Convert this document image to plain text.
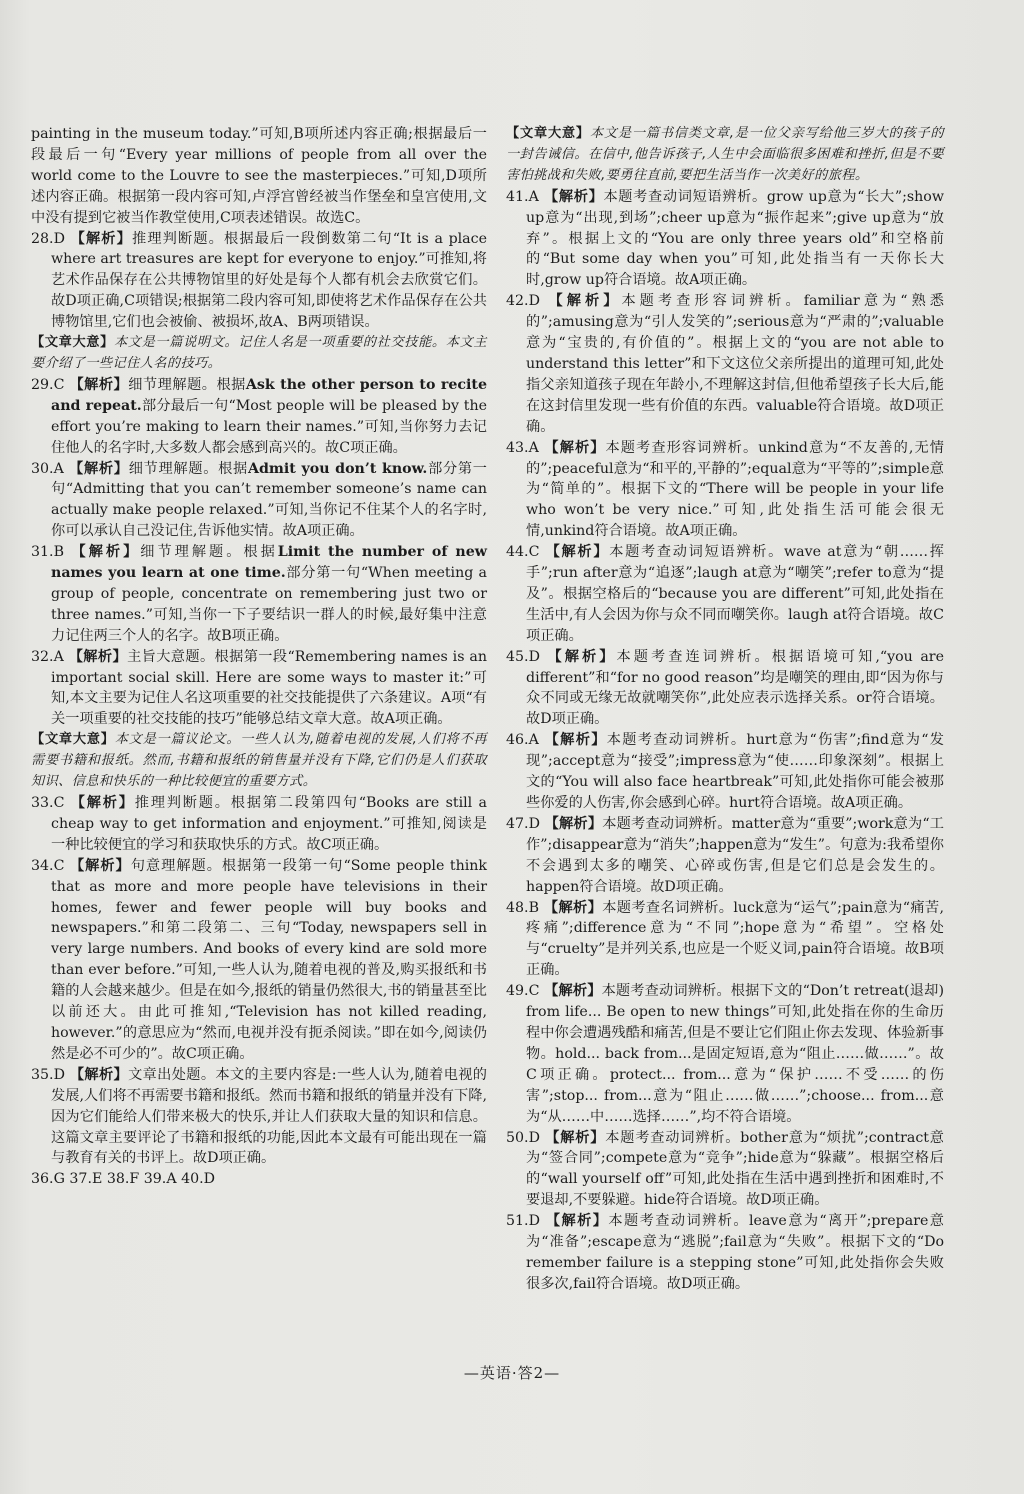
painting in the museum today.”可知,B项所述内容正确;根据最后一段最后一句“Every year millions of people from all over the world come to the Louvre to see the masterpieces.”可知,D项所述内容正确。根据第一段内容可知,卢浮宫曾经被当作堡垒和皇宫使用,文中没有提到它被当作教堂使用,C项表述错误。故选C。

28.D 【解析】推理判断题。根据最后一段倒数第二句“It is a place where art treasures are kept for everyone to enjoy.”可推知,将艺术作品保存在公共博物馆里的好处是每个人都有机会去欣赏它们。故D项正确,C项错误;根据第二段内容可知,即使将艺术作品保存在公共博物馆里,它们也会被偷、被损坏,故A、B两项错误。

【文章大意】本文是一篇说明文。记住人名是一项重要的社交技能。本文主要介绍了一些记住人名的技巧。

29.C 【解析】细节理解题。根据Ask the other person to recite and repeat.部分最后一句“Most people will be pleased by the effort you’re making to learn their names.”可知,当你努力去记住他人的名字时,大多数人都会感到高兴的。故C项正确。

30.A 【解析】细节理解题。根据Admit you don’t know.部分第一句“Admitting that you can’t remember someone’s name can actually make people relaxed.”可知,当你记不住某个人的名字时,你可以承认自己没记住,告诉他实情。故A项正确。

31.B 【解析】细节理解题。根据Limit the number of new names you learn at one time.部分第一句“When meeting a group of people, concentrate on remembering just two or three names.”可知,当你一下子要结识一群人的时候,最好集中注意力记住两三个人的名字。故B项正确。

32.A 【解析】主旨大意题。根据第一段“Remembering names is an important social skill. Here are some ways to master it:”可知,本文主要为记住人名这项重要的社交技能提供了六条建议。A项“有关一项重要的社交技能的技巧”能够总结文章大意。故A项正确。

【文章大意】本文是一篇议论文。一些人认为,随着电视的发展,人们将不再需要书籍和报纸。然而,书籍和报纸的销售量并没有下降,它们仍是人们获取知识、信息和快乐的一种比较便宜的重要方式。

33.C 【解析】推理判断题。根据第二段第四句“Books are still a cheap way to get information and enjoyment.”可推知,阅读是一种比较便宜的学习和获取快乐的方式。故C项正确。

34.C 【解析】句意理解题。根据第一段第一句“Some people think that as more and more people have televisions in their homes, fewer and fewer people will buy books and newspapers.”和第二段第二、三句“Today, newspapers sell in very large numbers. And books of every kind are sold more than ever before.”可知,一些人认为,随着电视的普及,购买报纸和书籍的人会越来越少。但是在如今,报纸的销量仍然很大,书的销量甚至比以前还大。由此可推知,“Television has not killed reading, however.”的意思应为“然而,电视并没有扼杀阅读。”即在如今,阅读仍然是必不可少的”。故C项正确。

35.D 【解析】文章出处题。本文的主要内容是:一些人认为,随着电视的发展,人们将不再需要书籍和报纸。然而书籍和报纸的销量并没有下降,因为它们能给人们带来极大的快乐,并让人们获取大量的知识和信息。这篇文章主要评论了书籍和报纸的功能,因此本文最有可能出现在一篇与教育有关的书评上。故D项正确。

36.G 37.E 38.F 39.A 40.D

【文章大意】本文是一篇书信类文章,是一位父亲写给他三岁大的孩子的一封告诫信。在信中,他告诉孩子,人生中会面临很多困难和挫折,但是不要害怕挑战和失败,要勇往直前,要把生活当作一次美好的旅程。

41.A 【解析】本题考查动词短语辨析。grow up意为“长大”;show up意为“出现,到场”;cheer up意为“振作起来”;give up意为“放弃”。根据上文的“You are only three years old”和空格前的“But some day when you”可知,此处指当有一天你长大时,grow up符合语境。故A项正确。

42.D 【解析】本题考查形容词辨析。familiar意为“熟悉的”;amusing意为“引人发笑的”;serious意为“严肃的”;valuable意为“宝贵的,有价值的”。根据上文的“you are not able to understand this letter”和下文这位父亲所提出的道理可知,此处指父亲知道孩子现在年龄小,不理解这封信,但他希望孩子长大后,能在这封信里发现一些有价值的东西。valuable符合语境。故D项正确。

43.A 【解析】本题考查形容词辨析。unkind意为“不友善的,无情的”;peaceful意为“和平的,平静的”;equal意为“平等的”;simple意为“简单的”。根据下文的“There will be people in your life who won’t be very nice.”可知,此处指生活可能会很无情,unkind符合语境。故A项正确。

44.C 【解析】本题考查动词短语辨析。wave at意为“朝……挥手”;run after意为“追逐”;laugh at意为“嘲笑”;refer to意为“提及”。根据空格后的“because you are different”可知,此处指在生活中,有人会因为你与众不同而嘲笑你。laugh at符合语境。故C项正确。

45.D 【解析】本题考查连词辨析。根据语境可知,“you are different”和“for no good reason”均是嘲笑的理由,即“因为你与众不同或无缘无故就嘲笑你”,此处应表示选择关系。or符合语境。故D项正确。

46.A 【解析】本题考查动词辨析。hurt意为“伤害”;find意为“发现”;accept意为“接受”;impress意为“使……印象深刻”。根据上文的“You will also face heartbreak”可知,此处指你可能会被那些你爱的人伤害,你会感到心碎。hurt符合语境。故A项正确。

47.D 【解析】本题考查动词辨析。matter意为“重要”;work意为“工作”;disappear意为“消失”;happen意为“发生”。句意为:我希望你不会遇到太多的嘲笑、心碎或伤害,但是它们总是会发生的。happen符合语境。故D项正确。

48.B 【解析】本题考查名词辨析。luck意为“运气”;pain意为“痛苦,疼痛”;difference意为“不同”;hope意为“希望”。空格处与“cruelty”是并列关系,也应是一个贬义词,pain符合语境。故B项正确。

49.C 【解析】本题考查动词辨析。根据下文的“Don’t retreat(退却) from life... Be open to new things”可知,此处指在你的生命历程中你会遭遇残酷和痛苦,但是不要让它们阻止你去发现、体验新事物。hold... back from...是固定短语,意为“阻止……做……”。故C项正确。protect... from...意为“保护……不受……的伤害”;stop... from...意为“阻止……做……”;choose... from...意为“从……中……选择……”,均不符合语境。

50.D 【解析】本题考查动词辨析。bother意为“烦扰”;contract意为“签合同”;compete意为“竞争”;hide意为“躲藏”。根据空格后的“wall yourself off”可知,此处指在生活中遇到挫折和困难时,不要退却,不要躲避。hide符合语境。故D项正确。

51.D 【解析】本题考查动词辨析。leave意为“离开”;prepare意为“准备”;escape意为“逃脱”;fail意为“失败”。根据下文的“Do remember failure is a stepping stone”可知,此处指你会失败很多次,fail符合语境。故D项正确。

—英语·答2—
